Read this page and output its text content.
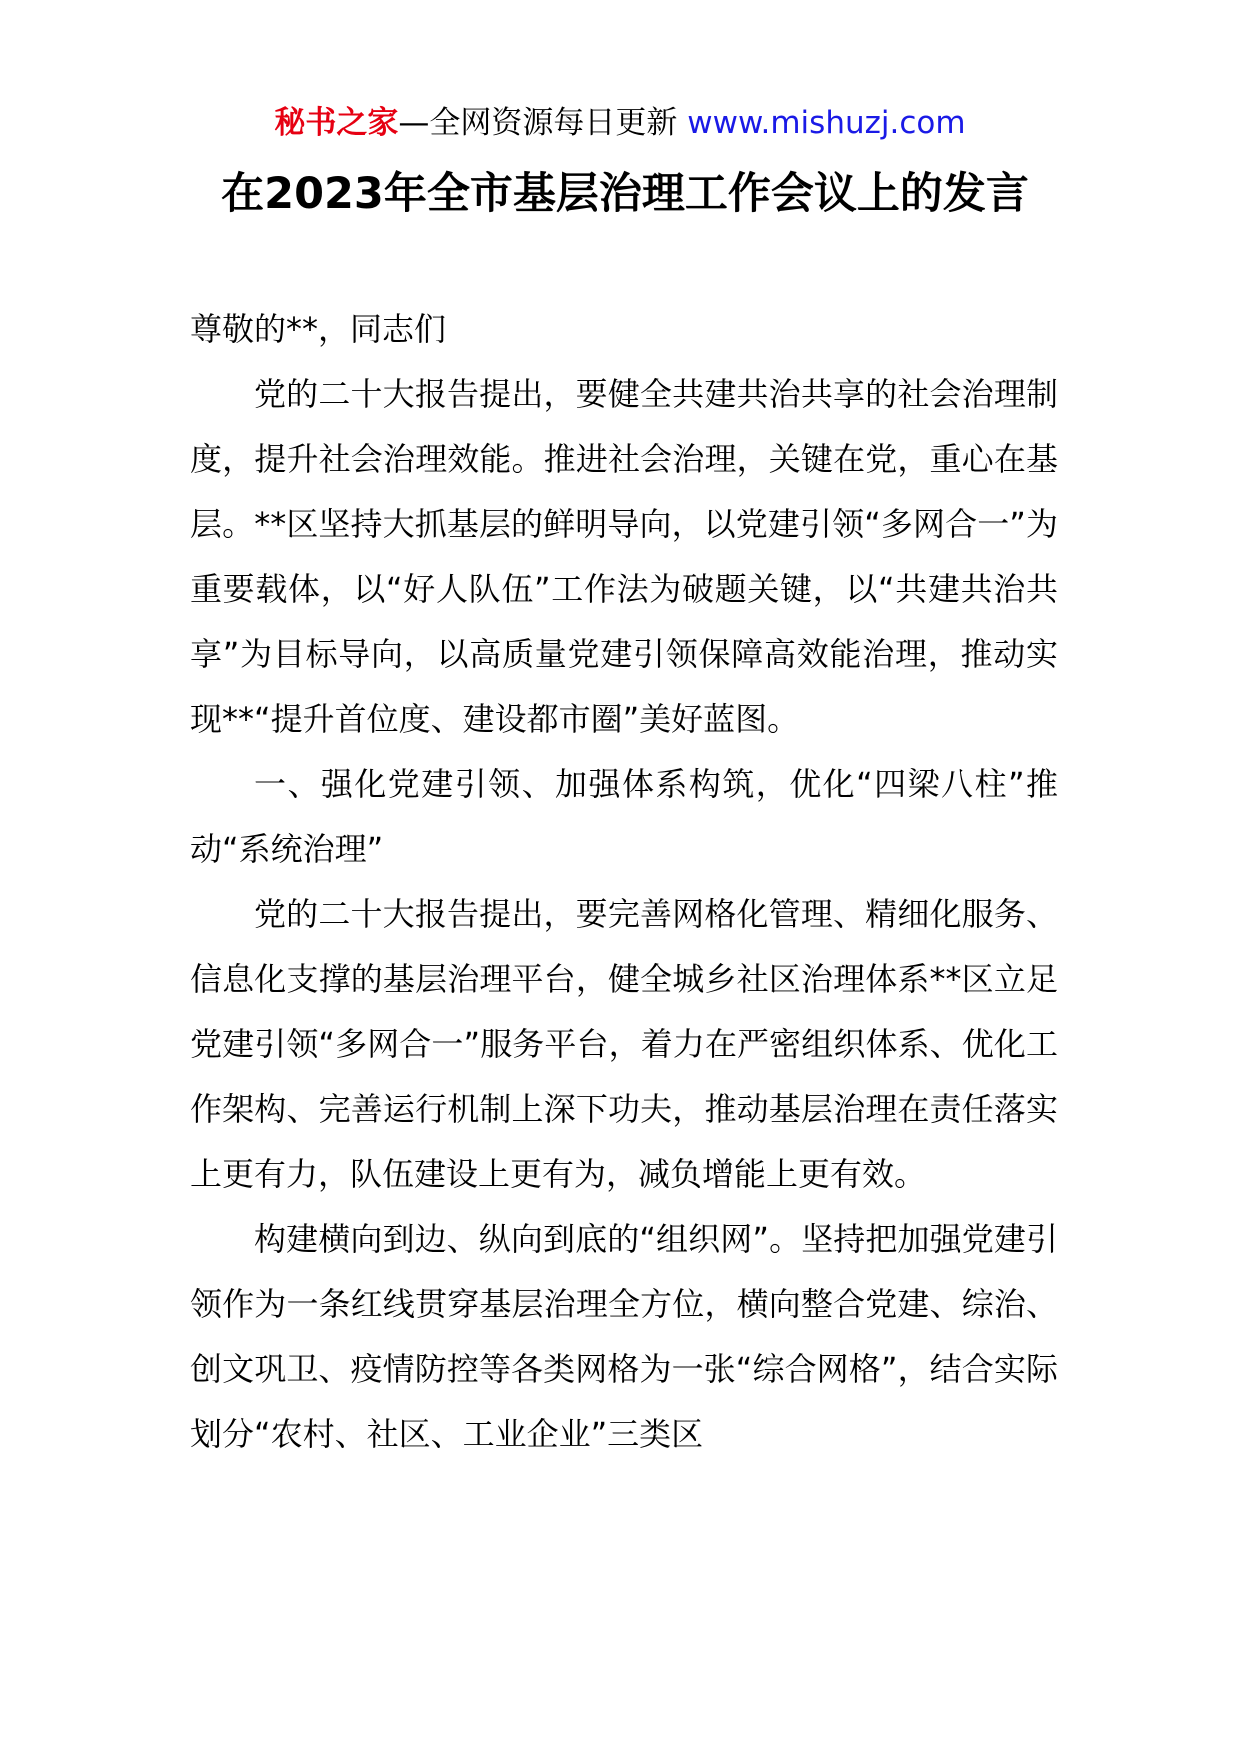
秘书之家—全网资源每日更新 www.mishuzj.com
在2023年全市基层治理工作会议上的发言

尊敬的**，同志们

党的二十大报告提出，要健全共建共治共享的社会治理制度，提升社会治理效能。推进社会治理，关键在党，重心在基层。**区坚持大抓基层的鲜明导向，以党建引领“多网合一”为重要载体，以“好人队伍”工作法为破题关键，以“共建共治共享”为目标导向，以高质量党建引领保障高效能治理，推动实现**“提升首位度、建设都市圈”美好蓝图。

一、强化党建引领、加强体系构筑，优化“四梁八柱”推动“系统治理”

党的二十大报告提出，要完善网格化管理、精细化服务、信息化支撑的基层治理平台，健全城乡社区治理体系**区立足党建引领“多网合一”服务平台，着力在严密组织体系、优化工作架构、完善运行机制上深下功夫，推动基层治理在责任落实上更有力，队伍建设上更有为，减负增能上更有效。

构建横向到边、纵向到底的“组织网”。坚持把加强党建引领作为一条红线贯穿基层治理全方位，横向整合党建、综治、创文巩卫、疫情防控等各类网格为一张“综合网格”，结合实际划分“农村、社区、工业企业”三类区
